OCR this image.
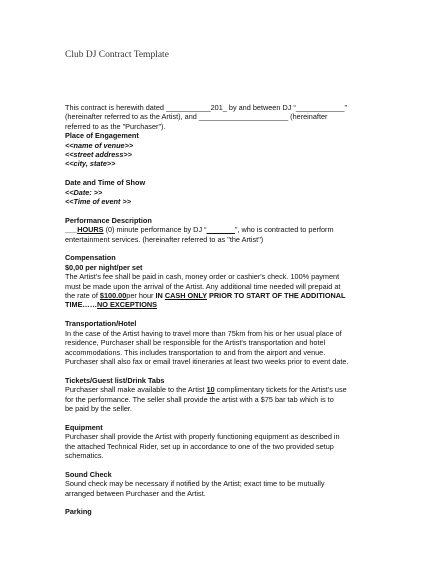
Club DJ Contract Template

This contract is herewith dated ___________201_ by and between DJ “____________”

(hereinafter referred to as the Artist), and ______________________ (hereinafter

referred to as the "Purchaser").

Place of Engagement

<<name of venue>>

<<street address>>

<<city, state>>

Date and Time of Show

<<Date: >>

<<Time of event >>

Performance Description

___HOURS (0) minute performance by DJ “_______”, who is contracted to perform

entertainment services. (hereinafter referred to as "the Artist")

Compensation

$0,00 per night/per set

The Artist's fee shall be paid in cash, money order or cashier's check. 100% payment

must be made upon the arrival of the Artist. Any additional time needed will prepaid at

the rate of $100.00per hour IN CASH ONLY PRIOR TO START OF THE ADDITIONAL

TIME……NO EXCEPTIONS

Transportation/Hotel

In the case of the Artist having to travel more than 75km from his or her usual place of

residence, Purchaser shall be responsible for the Artist's transportation and hotel

accommodations. This includes transportation to and from the airport and venue.

Purchaser shall also fax or email travel itineraries at least two weeks prior to event date.

Tickets/Guest list/Drink Tabs

Purchaser shall make available to the Artist 10 complimentary tickets for the Artist's use

for the performance. The seller shall provide the artist with a $75 bar tab which is to

be paid by the seller.

Equipment

Purchaser shall provide the Artist with properly functioning equipment as described in

the attached Technical Rider, set up in accordance to one of the two provided setup

schematics.

Sound Check

Sound check may be necessary if notified by the Artist; exact time to be mutually

arranged between Purchaser and the Artist.

Parking
